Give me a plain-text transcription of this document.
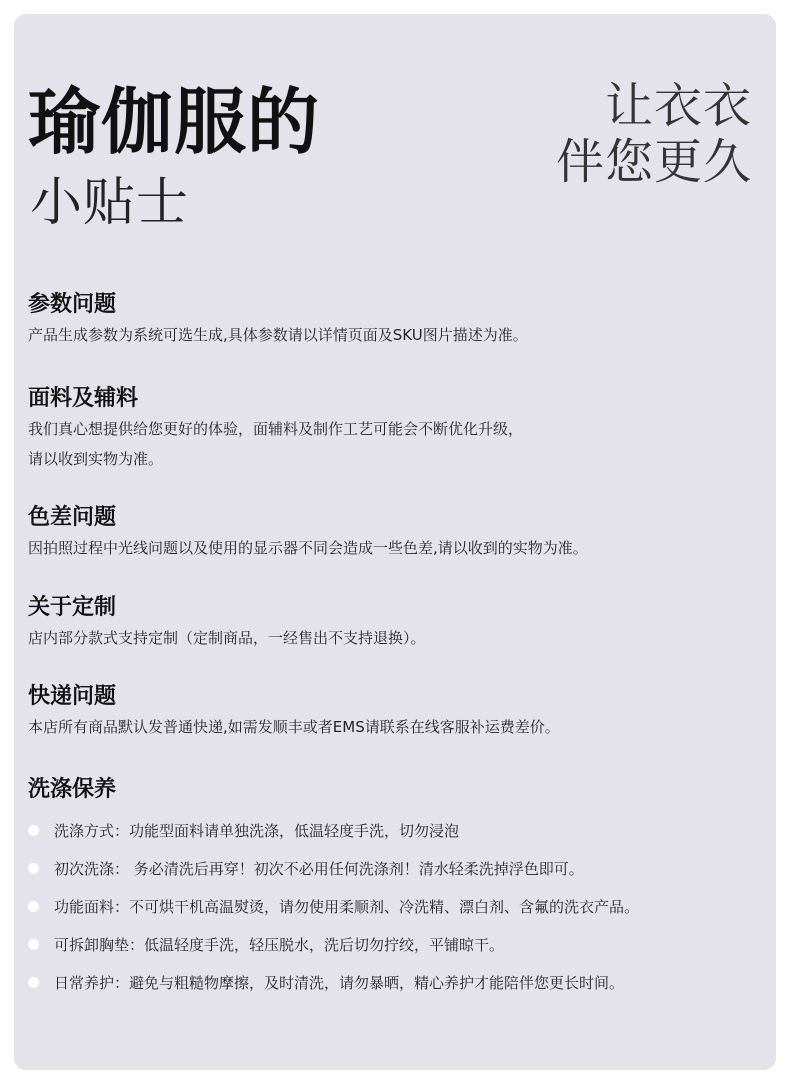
瑜伽服的
小贴士
让衣衣
伴您更久
参数问题

产品生成参数为系统可选生成,具体参数请以详情页面及SKU图片描述为准。

面料及辅料

我们真心想提供给您更好的体验，面辅料及制作工艺可能会不断优化升级，

请以收到实物为准。

色差问题

因拍照过程中光线问题以及使用的显示器不同会造成一些色差,请以收到的实物为准。

关于定制

店内部分款式支持定制（定制商品，一经售出不支持退换）。

快递问题

本店所有商品默认发普通快递,如需发顺丰或者EMS请联系在线客服补运费差价。

洗涤保养
洗涤方式：功能型面料请单独洗涤，低温轻度手洗，切勿浸泡
初次洗涤： 务必清洗后再穿！初次不必用任何洗涤剂！清水轻柔洗掉浮色即可。
功能面料：不可烘干机高温熨烫，请勿使用柔顺剂、冷洗精、漂白剂、含氟的洗衣产品。
可拆卸胸垫：低温轻度手洗，轻压脱水，洗后切勿拧绞，平铺晾干。
日常养护：避免与粗糙物摩擦，及时清洗，请勿暴晒，精心养护才能陪伴您更长时间。
